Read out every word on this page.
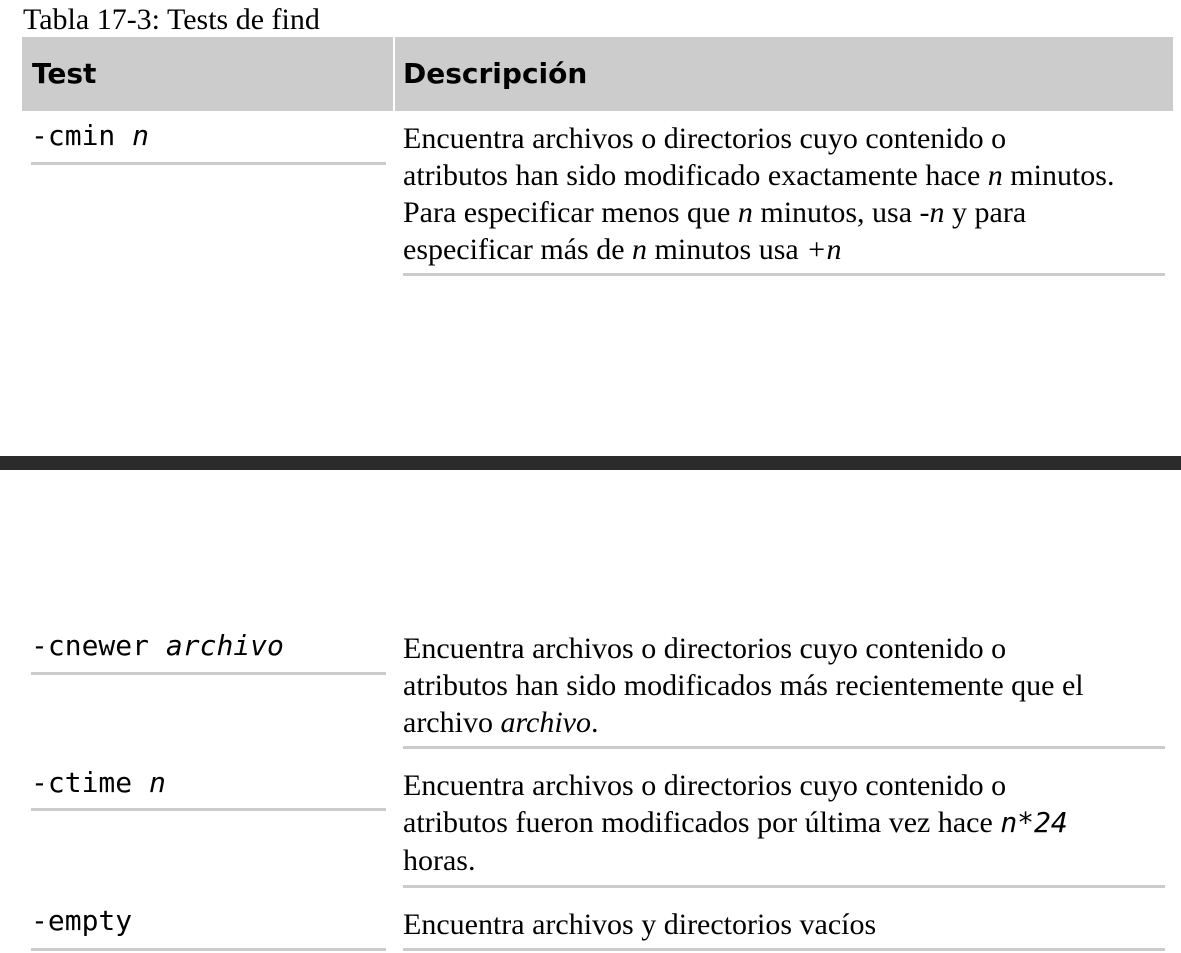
Tabla 17-3: Tests de find
Test	Descripción
-cmin n	Encuentra archivos o directorios cuyo contenido o
atributos han sido modificado exactamente hace n minutos.
Para especificar menos que n minutos, usa -n y para
especificar más de n minutos usa +n
-cnewer archivo	Encuentra archivos o directorios cuyo contenido o
atributos han sido modificados más recientemente que el
archivo archivo.
-ctime n	Encuentra archivos o directorios cuyo contenido o
atributos fueron modificados por última vez hace n*24
horas.
-empty	Encuentra archivos y directorios vacíos
